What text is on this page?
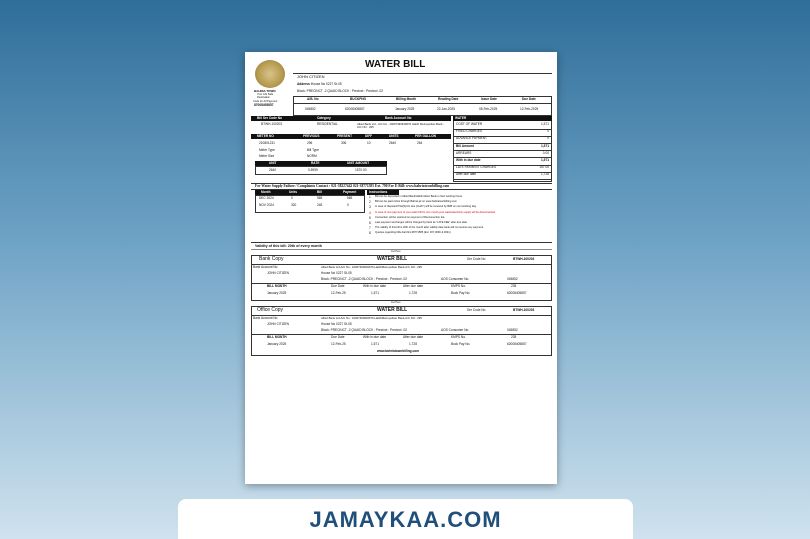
BAHRIA TOWN
Your Life Safe
Destination
Code for All Payment
87008405857
WATER BILL
JOHN CITIZEN
Address : House No 0227 St-05
Block: PRECINCT -2 QUAID BLOCK : Precinct : Precinct -02
A/B. No	BUCKPNO	Billing Month	Reading Date	Issue Date	Due Date
045852	62008405857	January 2025	22-Jan-2025	05-Feb-2025	12-Feb-2025
Bill Ser Code No	Category	Bank Account No
BTWH-100203	RESIDENTIAL	Allied Bank Ltd - A/C No : 10007490640676 Habib Metropolitan Bank : A/C NO : 295
METER NO	PREVIOUS	PRESENT	DIFF	UNITS	PER GALLON
210801231	296	306	10	2640	264
Meter Type	Bill Type
Meter Size	NORM
UNIT	RATE	UNIT AMOUNT
2640	0.5959	1570.00
WATER
For Water Supply Failure / Complaints Contact : 021-38227442 021-38771585 Ext. 790 For E-Bill: www.bahriatownbilling.com
Month	Units	Bill	Payment
DEC 2024	0	565	565
NOV 2024	320	245	0
Instructions
Validity of this bill: 20th of every month
Cut Here
Bank Copy	WATER BILL	Ser Code No	BTWH-100203
Bank Account No	Allied Bank Ltd-A/C No.: 10007490640676,HabibMetropolitan Bank-A/C NO.: 295
JOHN CITIZEN	House No 0227 St-05
Block: PRECINCT -2 QUAID BLOCK : Precinct : Precinct -02	AOS Consumer No.	045852
BILL MONTH	Due Date	With in due date	After due date	KMPS No.	235
January 2025	12-Feb-25	1,571	1,728	Buck Pay No.	62008405857
Cut Here
Office Copy	WATER BILL	Ser Code No	BTWH-100203
Bank Account No	Allied Bank Ltd-A/C No.: 10007490640676,HabibMetropolitan Bank-A/C NO.: 295
JOHN CITIZEN	House No 0227 St-05
Block: PRECINCT -2 QUAID BLOCK : Precinct : Precinct -02	AOS Consumer No.	045852
BILL MONTH	Due Date	With in due date	After due date	KMPS No.	235
January 2025	12-Feb-25	1,571	1,728	Buck Pay No.	62008405857
www.bahriatownbilling.com
COST OF WATER	1,571
FIXED CHARGES	0
ADVANCE PAYMENT	0
Bill Amount	1,571
ARREARS	0.00
With in due date	1,571
LATE PAYMENT CHARGES	157.00
After due date	1,728
1 Bill can be deposited in Allied Bank/Habib Metro Bank in their working hours.
2 Bill can be paid online through Bahria.pk on www.bahriatownbilling.com
3 In case of disputed PSA(S)/Un due (CHAY) will be received by B2B on next working day.
4 In case of non-payment of your water bill for one month your water/electricity supply will be disconnected.
5 Connection will be restored on payment of Reconnection fee.
6 Late payment surcharges will be charged by bank as "LATE FEE" after due date.
7 The validity of this bill is 20th of the month after validity date bank will not receive any payment.
8 Queries regarding bills dial 021-38771585 (Ext: 307,3090 & 3031).
JAMAYKAA.COM
